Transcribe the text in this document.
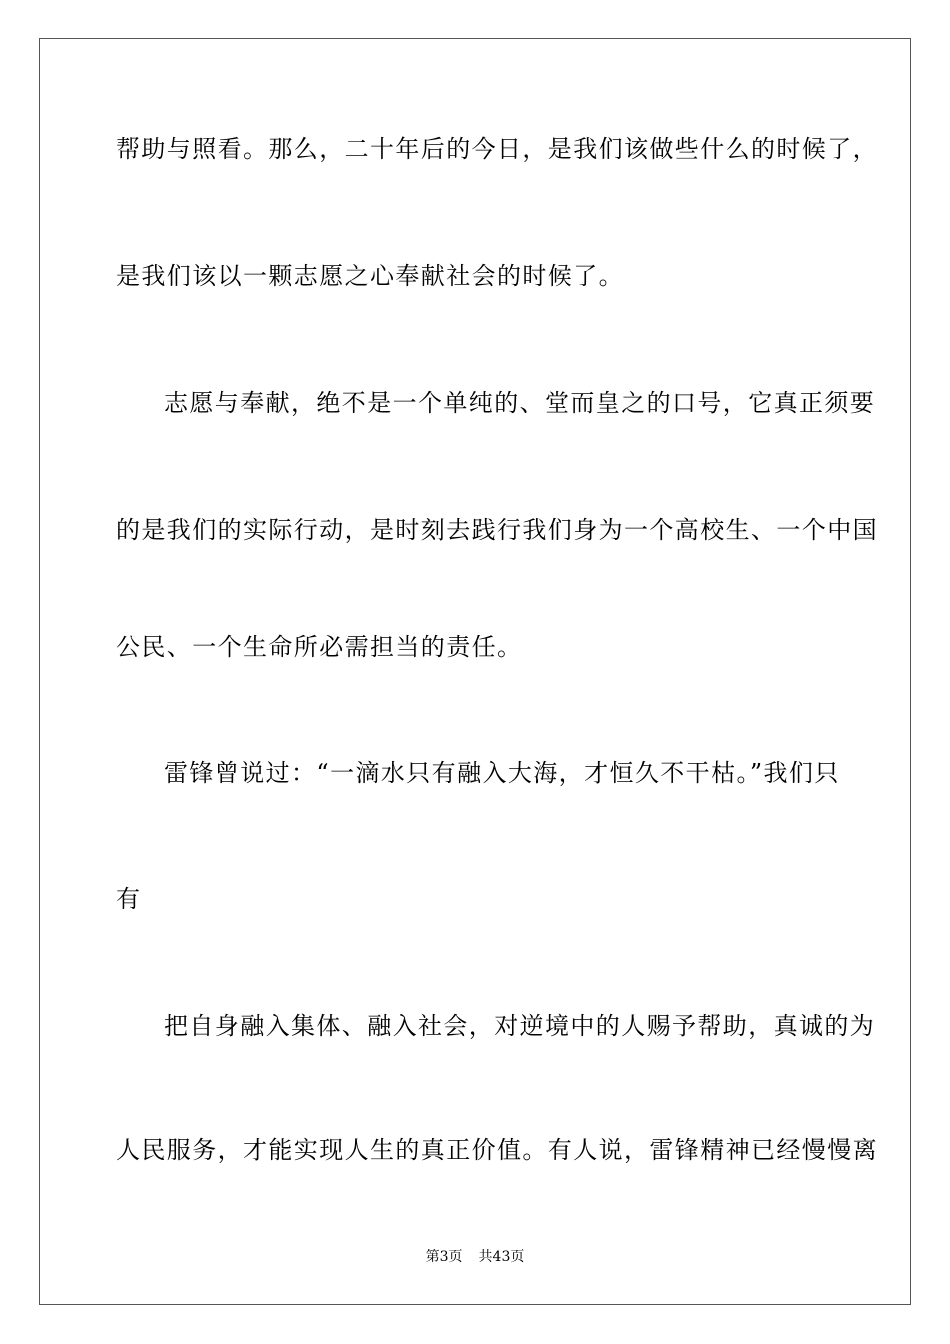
帮助与照看。那么，二十年后的今日，是我们该做些什么的时候了，
是我们该以一颗志愿之心奉献社会的时候了。
志愿与奉献，绝不是一个单纯的、堂而皇之的口号，它真正须要
的是我们的实际行动，是时刻去践行我们身为一个高校生、一个中国
公民、一个生命所必需担当的责任。
雷锋曾说过：“一滴水只有融入大海，才恒久不干枯。”我们只
有
把自身融入集体、融入社会，对逆境中的人赐予帮助，真诚的为
人民服务，才能实现人生的真正价值。有人说，雷锋精神已经慢慢离
第3页 共43页
